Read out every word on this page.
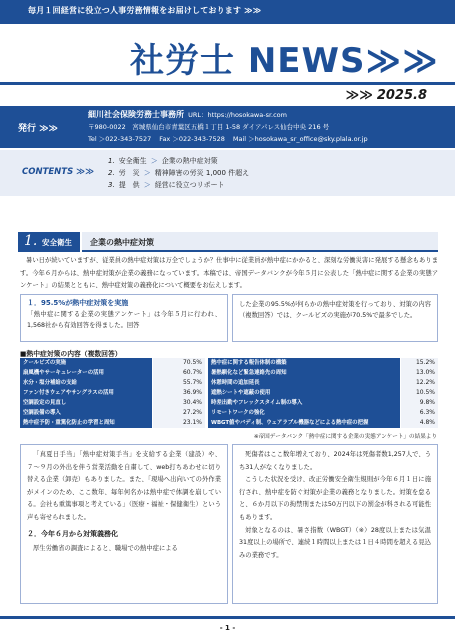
毎月１回経営に役立つ人事労務情報をお届けしております ≫≫
社労士 NEWS≫≫
≫≫ 2025.8
発行 ≫≫
細川社会保険労務士事務所 URL：https://hosokawa-sr.com
〒980-0022　宮城県仙台市青葉区五橋１丁目 1-58 ダイアパレス仙台中央 216 号
Tel ＞022-343-7527 Fax ＞022-343-7528 Mail ＞hosokawa_sr_office@sky.plala.or.jp
CONTENTS ≫≫
1. 安全衛生 ＞ 企業の熱中症対策
2. 労　災 ＞ 精神障害の労災 1,000 件超え
3. 提　供 ＞ 経営に役立つリポート
1. 安全衛生 企業の熱中症対策
暑い日が続いていますが、従業員の熱中症対策は万全でしょうか？仕事中に従業員が熱中症にかかると、深刻な労働災害に発展する懸念もあります。今年６月からは、熱中症対策が企業の義務になっています。本稿では、帝国データバンクが今年５月に公表した「熱中症に関する企業の実態アンケート」の結果とともに、熱中症対策の義務化について概要をお伝えします。
１．95.5%が熱中症対策を実施
「熱中症に関する企業の実態アンケート」は今年５月に行われ、1,568社から有効回答を得ました。回答
した企業の95.5%が何らかの熱中症対策を行っており、対策の内容（複数回答）では、クールビズの実施が70.5%で最多でした。
■熱中症対策の内容（複数回答）
クールビズの実施	70.5%	熱中症に関する報告体制の構築	15.2%
扇風機やサーキュレーターの活用	60.7%	暑熱馴化など緊急連絡先の周知	13.0%
水分・塩分補給の支給	55.7%	休憩時間の追加延長	12.2%
ファン付きウェアやサングラスの活用	36.9%	遮熱シートや遮蔽の使用	10.5%
空調設定の見直し	30.4%	時差出勤やフレックスタイム制の導入	9.8%
空調設備の導入	27.2%	リモートワークの強化	6.3%
熱中症予防・重篤化防止の学習と周知	23.1%	WBGT値やバディ制、ウェアラブル機器などによる熱中症の把握	4.8%
※帝国データバンク「熱中症に関する企業の実態アンケート」の結果より
「真夏日手当」「熱中症対策手当」を支給する企業（建設）や、７〜９月の外出を伴う営業活動を自粛して、web打ちあわせに切り替える企業（卸売）もありました。また、「現場へ出向いての外作業がメインのため、ここ数年、毎年何名かは熱中症で体調を崩している。会社も重篤事項と考えている」（医療・福祉・保健衛生）という声も寄せられました。
２．今年６月から対策義務化
厚生労働省の調査によると、職場での熱中症による
死傷者はここ数年増えており、2024年は死傷者数1,257人で、うち31人がなくなりました。
こうした状況を受け、改正労働安全衛生規則が今年６月１日に施行され、熱中症を防ぐ対策が企業の義務となりました。対策を怠ると、６か月以下の拘禁刑または50万円以下の罰金が科される可能性もあります。
対象となるのは、暑さ指数（WBGT）（※）28度以上または気温31度以上の場所で、連続１時間以上または１日４時間を超える見込みの業務です。
- 1 -
